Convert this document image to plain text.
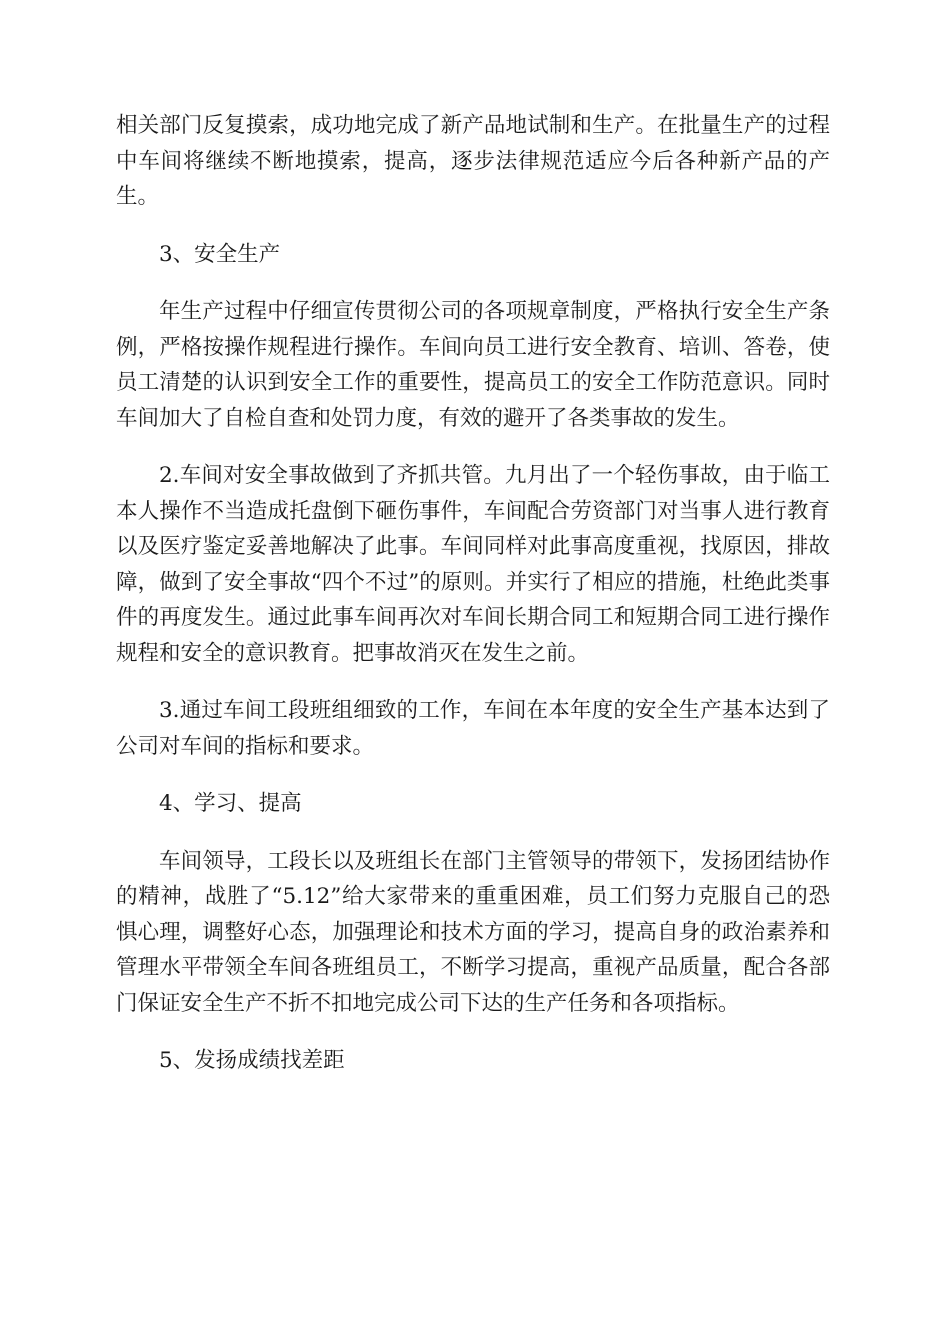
相关部门反复摸索，成功地完成了新产品地试制和生产。在批量生产的过程中车间将继续不断地摸索，提高，逐步法律规范适应今后各种新产品的产生。

3、安全生产

年生产过程中仔细宣传贯彻公司的各项规章制度，严格执行安全生产条例，严格按操作规程进行操作。车间向员工进行安全教育、培训、答卷，使员工清楚的认识到安全工作的重要性，提高员工的安全工作防范意识。同时车间加大了自检自查和处罚力度，有效的避开了各类事故的发生。

2.车间对安全事故做到了齐抓共管。九月出了一个轻伤事故，由于临工本人操作不当造成托盘倒下砸伤事件，车间配合劳资部门对当事人进行教育以及医疗鉴定妥善地解决了此事。车间同样对此事高度重视，找原因，排故障，做到了安全事故“四个不过”的原则。并实行了相应的措施，杜绝此类事件的再度发生。通过此事车间再次对车间长期合同工和短期合同工进行操作规程和安全的意识教育。把事故消灭在发生之前。

3.通过车间工段班组细致的工作，车间在本年度的安全生产基本达到了公司对车间的指标和要求。

4、学习、提高

车间领导，工段长以及班组长在部门主管领导的带领下，发扬团结协作的精神，战胜了“5.12”给大家带来的重重困难，员工们努力克服自己的恐惧心理，调整好心态，加强理论和技术方面的学习，提高自身的政治素养和管理水平带领全车间各班组员工，不断学习提高，重视产品质量，配合各部门保证安全生产不折不扣地完成公司下达的生产任务和各项指标。

5、发扬成绩找差距
